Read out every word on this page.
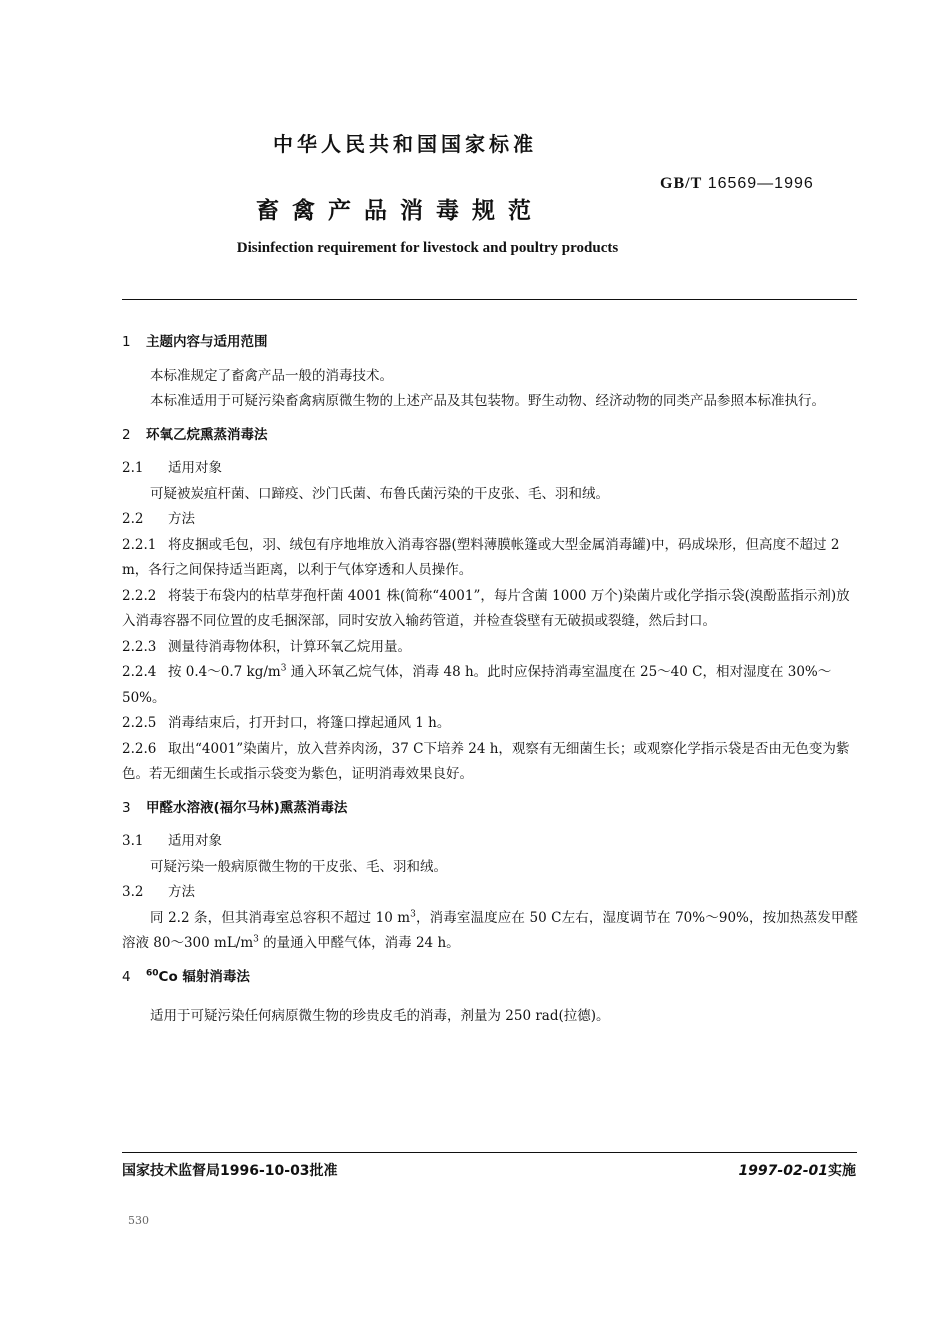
中华人民共和国国家标准
GB/T 16569—1996
畜禽产品消毒规范
Disinfection requirement for livestock and poultry products

1 主题内容与适用范围

本标准规定了畜禽产品一般的消毒技术。

本标准适用于可疑污染畜禽病原微生物的上述产品及其包装物。野生动物、经济动物的同类产品参照本标准执行。

2 环氧乙烷熏蒸消毒法

2.1 适用对象

可疑被炭疽杆菌、口蹄疫、沙门氏菌、布鲁氏菌污染的干皮张、毛、羽和绒。

2.2 方法

2.2.1 将皮捆或毛包，羽、绒包有序地堆放入消毒容器(塑料薄膜帐篷或大型金属消毒罐)中，码成垛形，但高度不超过 2 m，各行之间保持适当距离，以利于气体穿透和人员操作。

2.2.2 将装于布袋内的枯草芽孢杆菌 4001 株(简称“4001”，每片含菌 1000 万个)染菌片或化学指示袋(溴酚蓝指示剂)放入消毒容器不同位置的皮毛捆深部，同时安放入输药管道，并检查袋壁有无破损或裂缝，然后封口。

2.2.3 测量待消毒物体积，计算环氧乙烷用量。

2.2.4 按 0.4～0.7 $kg/m^3$ 通入环氧乙烷气体，消毒 48 h。此时应保持消毒室温度在 25～40 C，相对湿度在 30%～50%。

2.2.5 消毒结束后，打开封口，将篷口撑起通风 1 h。

2.2.6 取出“4001”染菌片，放入营养肉汤，37 C下培养 24 h，观察有无细菌生长；或观察化学指示袋是否由无色变为紫色。若无细菌生长或指示袋变为紫色，证明消毒效果良好。

3 甲醛水溶液(福尔马林)熏蒸消毒法

3.1 适用对象

可疑污染一般病原微生物的干皮张、毛、羽和绒。

3.2 方法

同 2.2 条，但其消毒室总容积不超过 10 $m^3$，消毒室温度应在 50 C左右，湿度调节在 70%～90%，按加热蒸发甲醛溶液 80～300 $mL/m^3$ 的量通入甲醛气体，消毒 24 h。

4 $^{60}$Co 辐射消毒法

适用于可疑污染任何病原微生物的珍贵皮毛的消毒，剂量为 250 rad(拉德)。

国家技术监督局1996-10-03批准	1997-02-01实施
530
